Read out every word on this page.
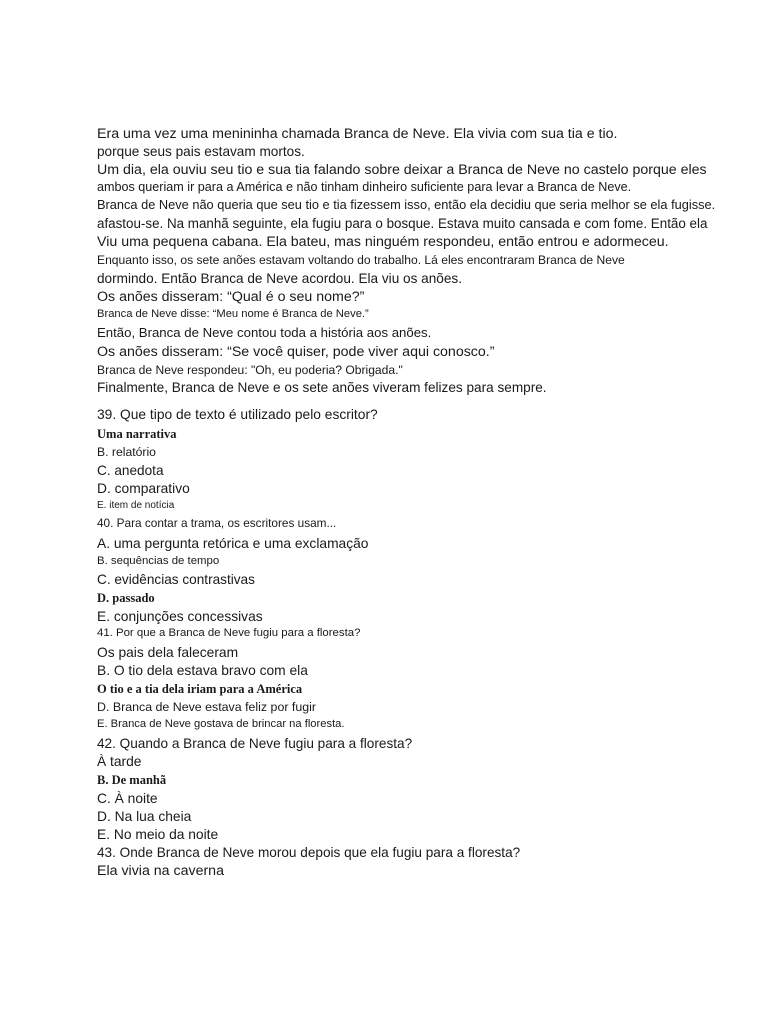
Era uma vez uma menininha chamada Branca de Neve. Ela vivia com sua tia e tio.
porque seus pais estavam mortos.
Um dia, ela ouviu seu tio e sua tia falando sobre deixar a Branca de Neve no castelo porque eles
ambos queriam ir para a América e não tinham dinheiro suficiente para levar a Branca de Neve.
Branca de Neve não queria que seu tio e tia fizessem isso, então ela decidiu que seria melhor se ela fugisse.
afastou-se. Na manhã seguinte, ela fugiu para o bosque. Estava muito cansada e com fome. Então ela
Viu uma pequena cabana. Ela bateu, mas ninguém respondeu, então entrou e adormeceu.
Enquanto isso, os sete anões estavam voltando do trabalho. Lá eles encontraram Branca de Neve
dormindo. Então Branca de Neve acordou. Ela viu os anões.
Os anões disseram: “Qual é o seu nome?”
Branca de Neve disse: “Meu nome é Branca de Neve.”
Então, Branca de Neve contou toda a história aos anões.
Os anões disseram: “Se você quiser, pode viver aqui conosco.”
Branca de Neve respondeu: "Oh, eu poderia? Obrigada."
Finalmente, Branca de Neve e os sete anões viveram felizes para sempre.
39. Que tipo de texto é utilizado pelo escritor?
Uma narrativa
B. relatório
C. anedota
D. comparativo
E. item de notícia
40. Para contar a trama, os escritores usam...
A. uma pergunta retórica e uma exclamação
B. sequências de tempo
C. evidências contrastivas
D. passado
E. conjunções concessivas
41. Por que a Branca de Neve fugiu para a floresta?
Os pais dela faleceram
B. O tio dela estava bravo com ela
O tio e a tia dela iriam para a América
D. Branca de Neve estava feliz por fugir
E. Branca de Neve gostava de brincar na floresta.
42. Quando a Branca de Neve fugiu para a floresta?
À tarde
B. De manhã
C. À noite
D. Na lua cheia
E. No meio da noite
43. Onde Branca de Neve morou depois que ela fugiu para a floresta?
Ela vivia na caverna
